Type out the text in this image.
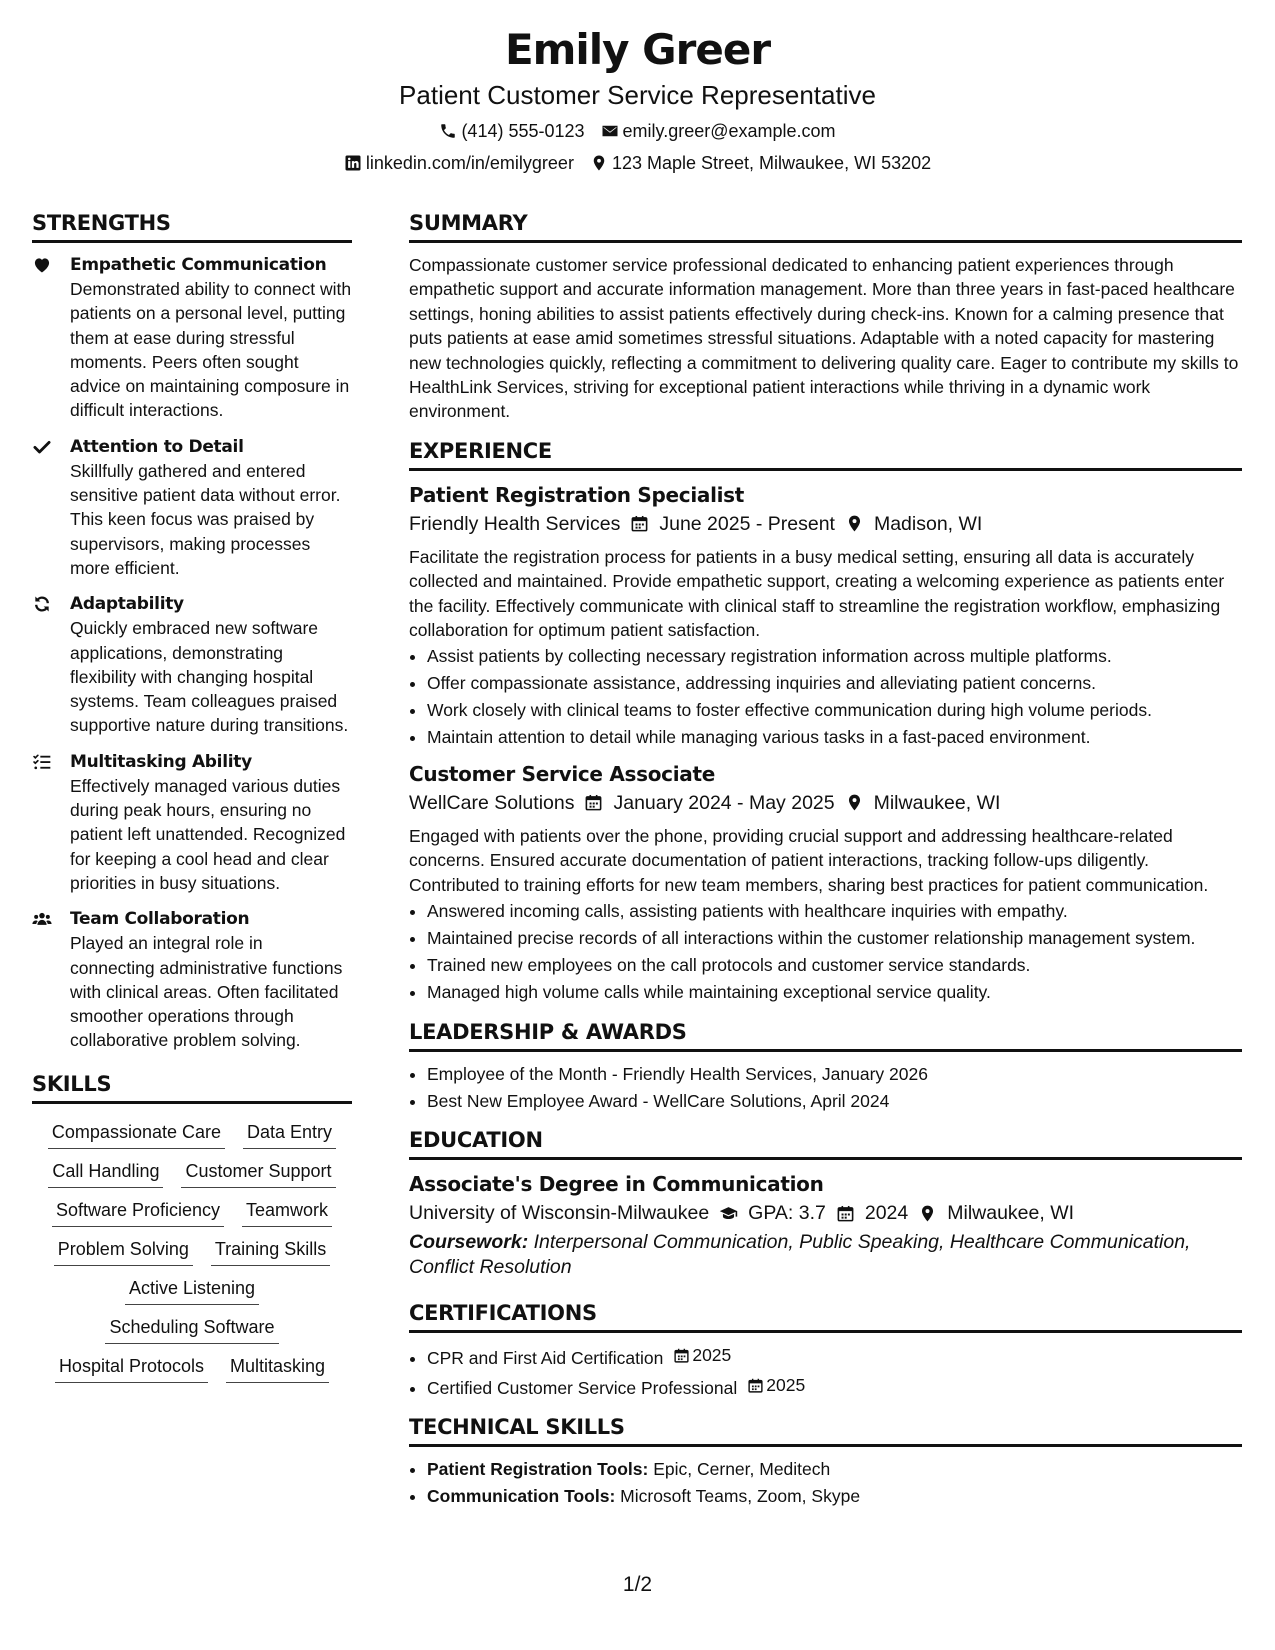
Emily Greer
Patient Customer Service Representative
(414) 555-0123 emily.greer@example.com
linkedin.com/in/emilygreer 123 Maple Street, Milwaukee, WI 53202
STRENGTHS
Empathetic Communication
Demonstrated ability to connect with patients on a personal level, putting them at ease during stressful moments. Peers often sought advice on maintaining composure in difficult interactions.
Attention to Detail
Skillfully gathered and entered sensitive patient data without error. This keen focus was praised by supervisors, making processes more efficient.
Adaptability
Quickly embraced new software applications, demonstrating flexibility with changing hospital systems. Team colleagues praised supportive nature during transitions.
Multitasking Ability
Effectively managed various duties during peak hours, ensuring no patient left unattended. Recognized for keeping a cool head and clear priorities in busy situations.
Team Collaboration
Played an integral role in connecting administrative functions with clinical areas. Often facilitated smoother operations through collaborative problem solving.
SKILLS
Compassionate Care Data Entry
Call Handling Customer Support
Software Proficiency Teamwork
Problem Solving Training Skills
Active Listening
Scheduling Software
Hospital Protocols Multitasking
SUMMARY
Compassionate customer service professional dedicated to enhancing patient experiences through empathetic support and accurate information management. More than three years in fast-paced healthcare settings, honing abilities to assist patients effectively during check-ins. Known for a calming presence that puts patients at ease amid sometimes stressful situations. Adaptable with a noted capacity for mastering new technologies quickly, reflecting a commitment to delivering quality care. Eager to contribute my skills to HealthLink Services, striving for exceptional patient interactions while thriving in a dynamic work environment.
EXPERIENCE
Patient Registration Specialist
Friendly Health Services June 2025 - Present Madison, WI
Facilitate the registration process for patients in a busy medical setting, ensuring all data is accurately collected and maintained. Provide empathetic support, creating a welcoming experience as patients enter the facility. Effectively communicate with clinical staff to streamline the registration workflow, emphasizing collaboration for optimum patient satisfaction.
• Assist patients by collecting necessary registration information across multiple platforms.
• Offer compassionate assistance, addressing inquiries and alleviating patient concerns.
• Work closely with clinical teams to foster effective communication during high volume periods.
• Maintain attention to detail while managing various tasks in a fast-paced environment.
Customer Service Associate
WellCare Solutions January 2024 - May 2025 Milwaukee, WI
Engaged with patients over the phone, providing crucial support and addressing healthcare-related concerns. Ensured accurate documentation of patient interactions, tracking follow-ups diligently. Contributed to training efforts for new team members, sharing best practices for patient communication.
• Answered incoming calls, assisting patients with healthcare inquiries with empathy.
• Maintained precise records of all interactions within the customer relationship management system.
• Trained new employees on the call protocols and customer service standards.
• Managed high volume calls while maintaining exceptional service quality.
LEADERSHIP & AWARDS
• Employee of the Month - Friendly Health Services, January 2026
• Best New Employee Award - WellCare Solutions, April 2024
EDUCATION
Associate's Degree in Communication
University of Wisconsin-Milwaukee GPA: 3.7 2024 Milwaukee, WI
Coursework: Interpersonal Communication, Public Speaking, Healthcare Communication, Conflict Resolution
CERTIFICATIONS
• CPR and First Aid Certification 2025
• Certified Customer Service Professional 2025
TECHNICAL SKILLS
• Patient Registration Tools: Epic, Cerner, Meditech
• Communication Tools: Microsoft Teams, Zoom, Skype
1/2
